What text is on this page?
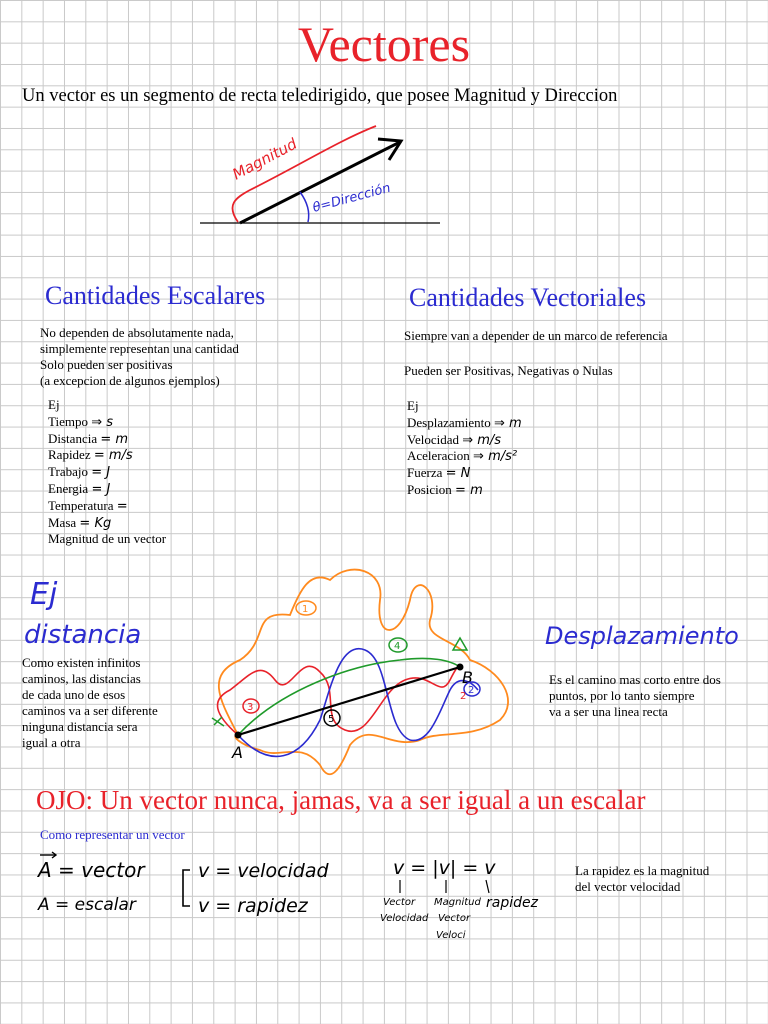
Vectores
Un vector es un segmento de recta teledirigido, que posee Magnitud y Direccion
Magnitud
θ=Dirección
A
B
1
2
3
4
5
2
Cantidades Escalares
No dependen de absolutamente nada,
simplemente representan una cantidad
Solo pueden ser positivas
(a excepcion de algunos ejemplos)
Ej
Tiempo ⇒ s
Distancia = m
Rapidez = m/s
Trabajo = J
Energia = J
Temperatura =
Masa = Kg
Magnitud de un vector
Cantidades Vectoriales
Siempre van a depender de un marco de referencia
Pueden ser Positivas, Negativas o Nulas
Ej
Desplazamiento ⇒ m
Velocidad ⇒ m/s
Aceleracion ⇒ m/s²
Fuerza = N
Posicion = m
Ej
distancia
Como existen infinitos
caminos, las distancias
de cada uno de esos
caminos va a ser diferente
ninguna distancia sera
igual a otra
Desplazamiento
Es el camino mas corto entre dos
puntos, por lo tanto siempre
va a ser una linea recta
OJO: Un vector nunca, jamas, va a ser igual a un escalar
Como representar un vector
A = vector
A = escalar
v = velocidad
v = rapidez
v = |v| = v
Vector
Velocidad
Magnitud
Vector
Veloci
rapidez
La rapidez es la magnitud
del vector velocidad
